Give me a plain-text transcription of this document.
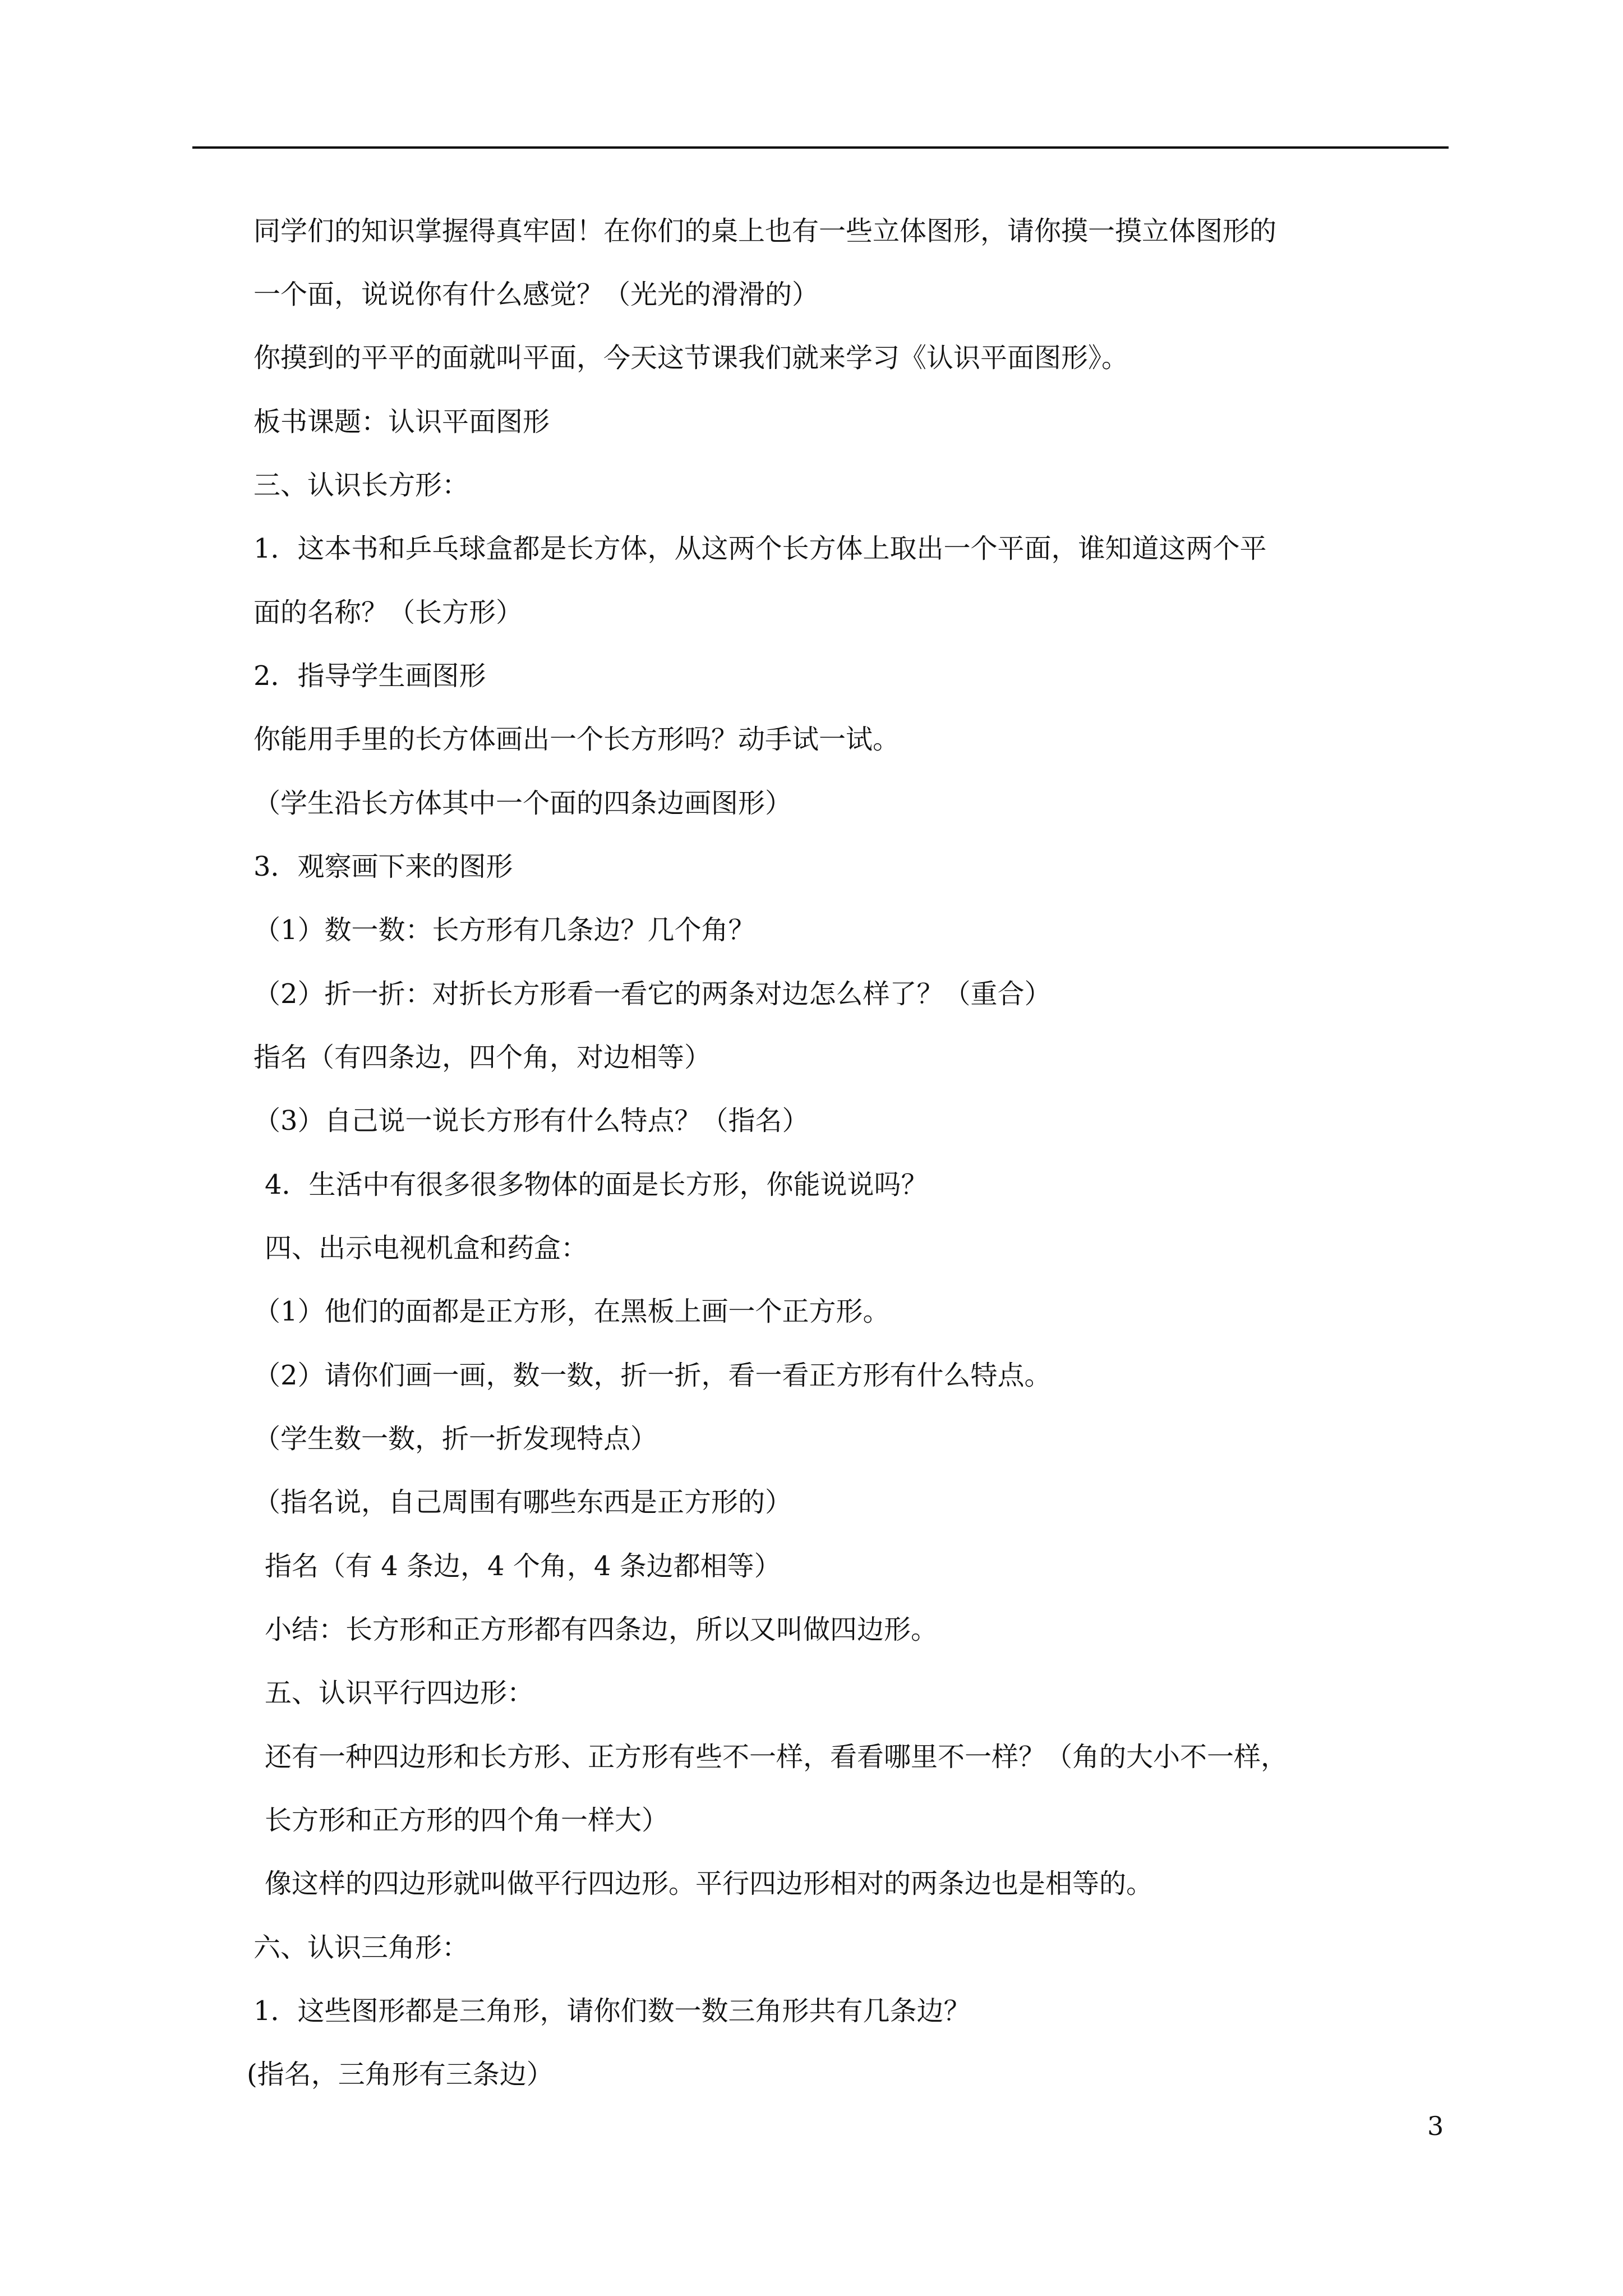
同学们的知识掌握得真牢固！在你们的桌上也有一些立体图形，请你摸一摸立体图形的
一个面，说说你有什么感觉？（光光的滑滑的）
你摸到的平平的面就叫平面，今天这节课我们就来学习《认识平面图形》。
板书课题：认识平面图形
三、认识长方形：
1．这本书和乒乓球盒都是长方体，从这两个长方体上取出一个平面，谁知道这两个平
面的名称？（长方形）
2．指导学生画图形
你能用手里的长方体画出一个长方形吗？动手试一试。
（学生沿长方体其中一个面的四条边画图形）
3．观察画下来的图形
（1）数一数：长方形有几条边？几个角？
（2）折一折：对折长方形看一看它的两条对边怎么样了？（重合）
指名（有四条边，四个角，对边相等）
（3）自己说一说长方形有什么特点？（指名）
4．生活中有很多很多物体的面是长方形，你能说说吗？
四、出示电视机盒和药盒：
（1）他们的面都是正方形，在黑板上画一个正方形。
（2）请你们画一画，数一数，折一折，看一看正方形有什么特点。
（学生数一数，折一折发现特点）
（指名说，自己周围有哪些东西是正方形的）
指名（有 4 条边，4 个角，4 条边都相等）
小结：长方形和正方形都有四条边，所以又叫做四边形。
五、认识平行四边形：
还有一种四边形和长方形、正方形有些不一样，看看哪里不一样？（角的大小不一样，
长方形和正方形的四个角一样大）
像这样的四边形就叫做平行四边形。平行四边形相对的两条边也是相等的。
六、认识三角形：
1．这些图形都是三角形，请你们数一数三角形共有几条边？
(指名，三角形有三条边）
3
